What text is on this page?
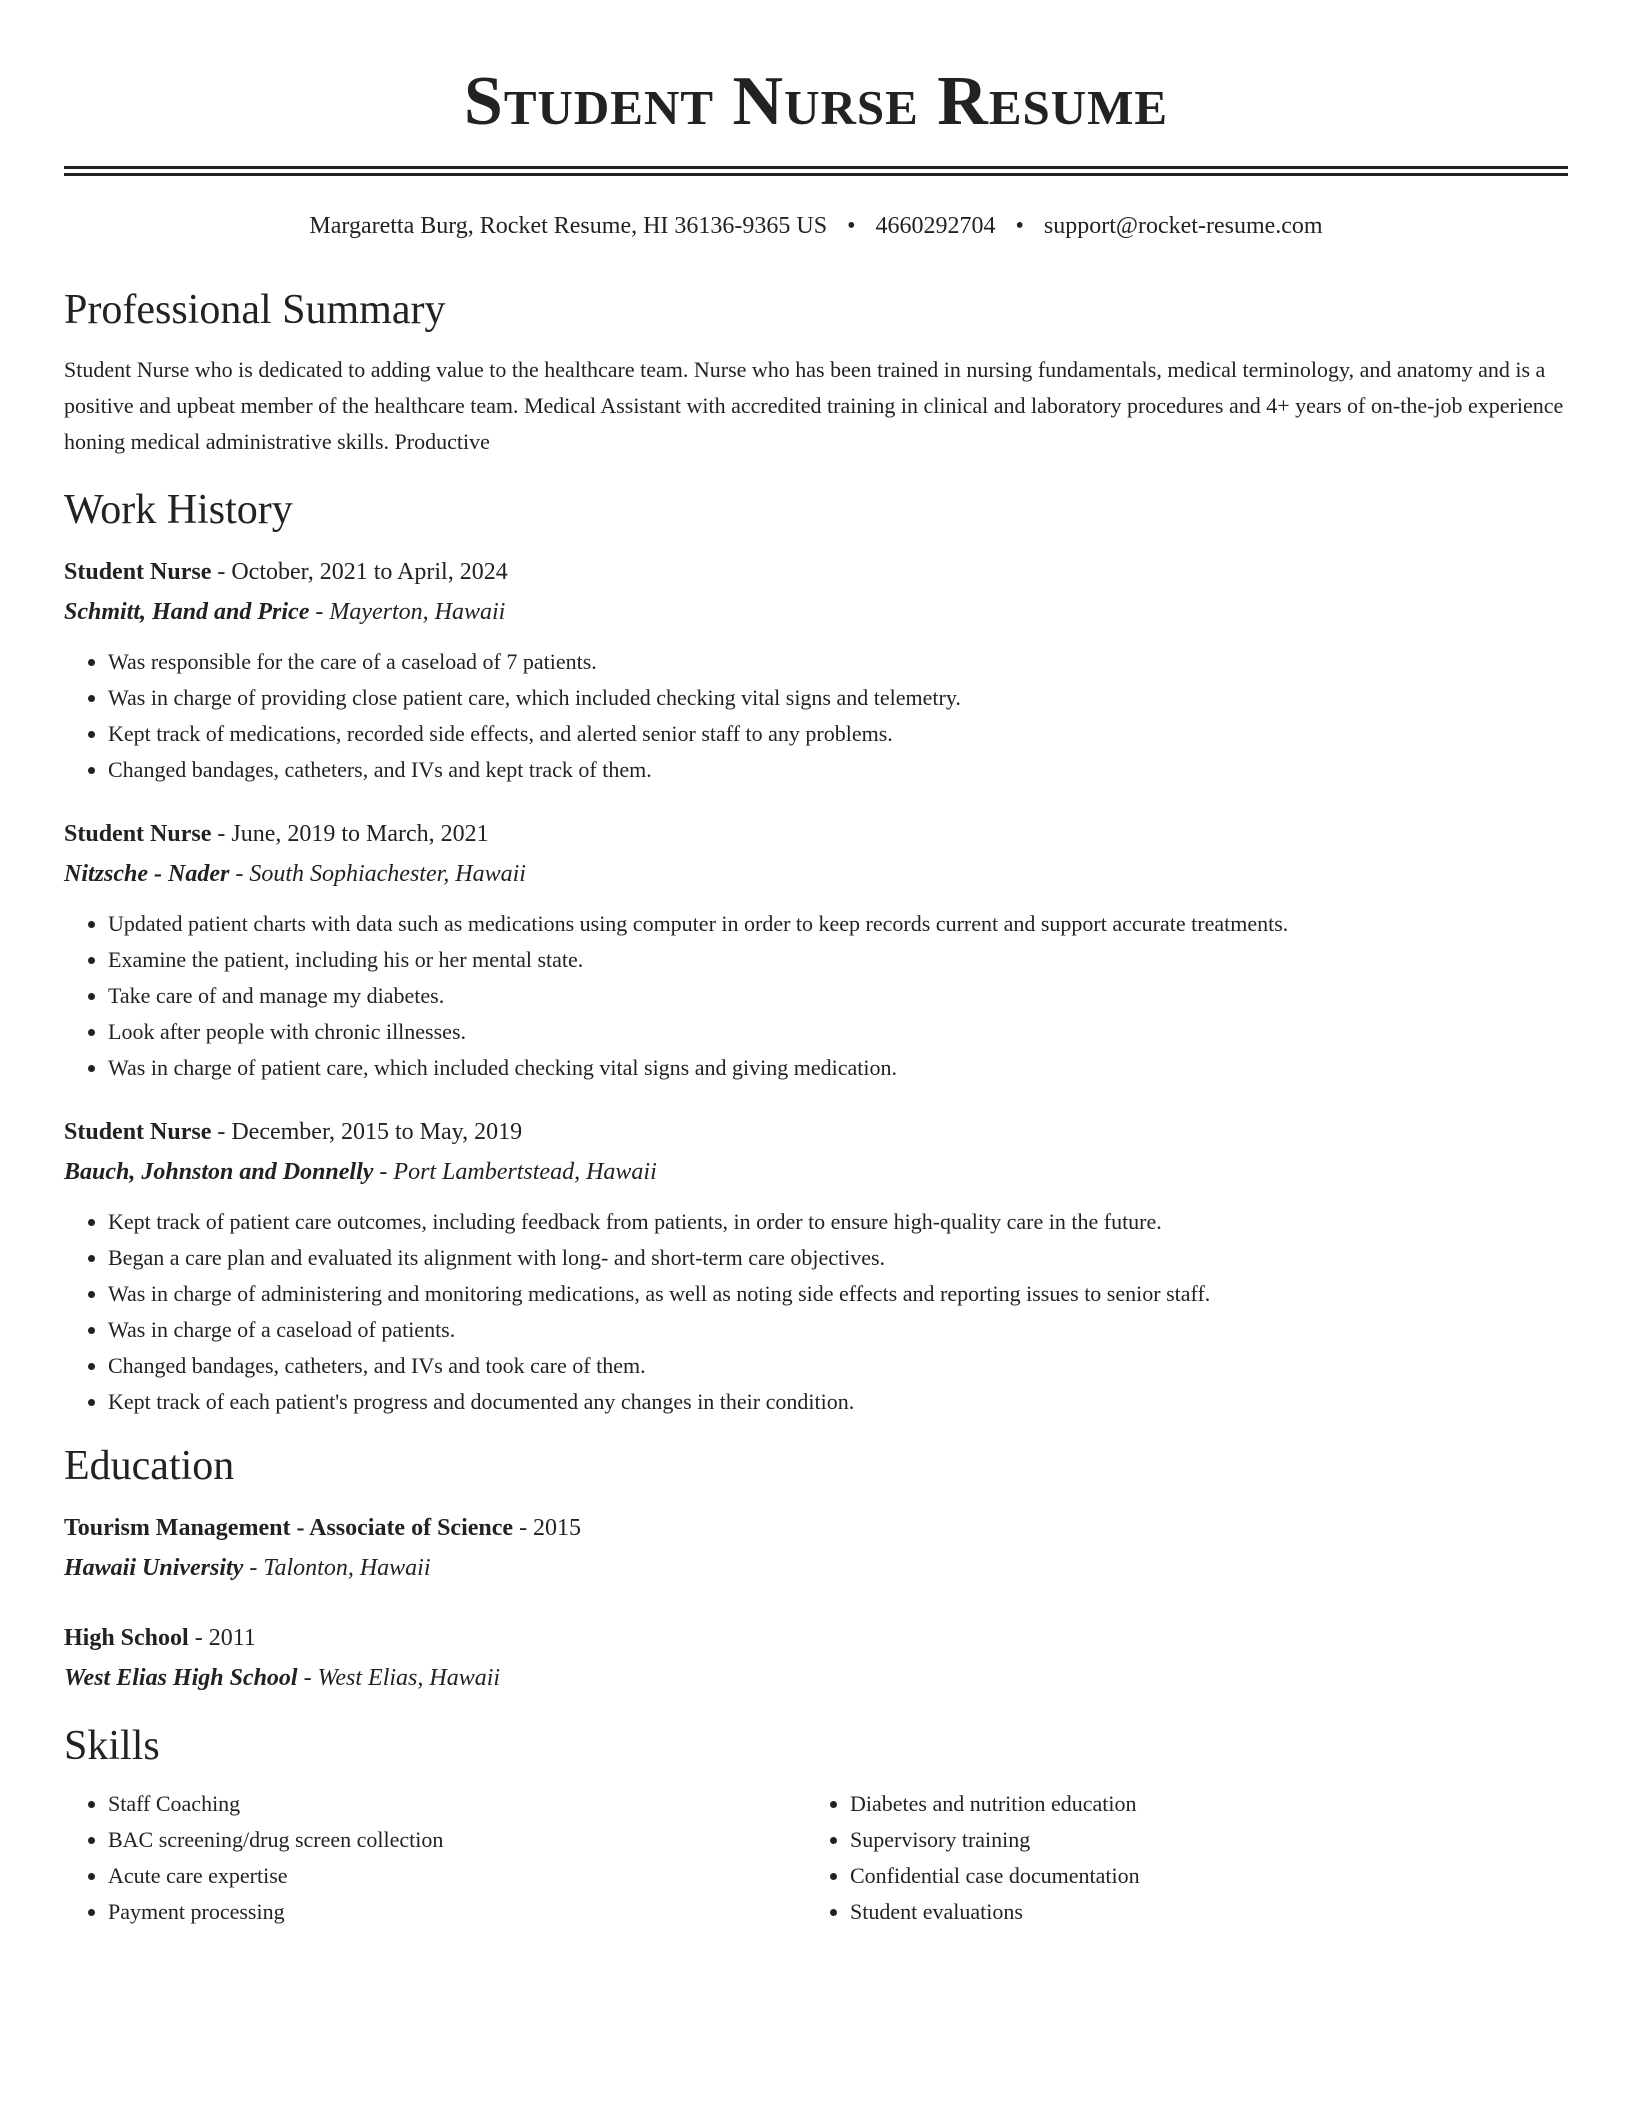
Student Nurse Resume
Margaretta Burg, Rocket Resume, HI 36136-9365 US • 4660292704 • support@rocket-resume.com
Professional Summary

Student Nurse who is dedicated to adding value to the healthcare team. Nurse who has been trained in nursing fundamentals, medical terminology, and anatomy and is a positive and upbeat member of the healthcare team. Medical Assistant with accredited training in clinical and laboratory procedures and 4+ years of on-the-job experience honing medical administrative skills. Productive

Work History
Student Nurse - October, 2021 to April, 2024
Schmitt, Hand and Price - Mayerton, Hawaii
• Was responsible for the care of a caseload of 7 patients.
• Was in charge of providing close patient care, which included checking vital signs and telemetry.
• Kept track of medications, recorded side effects, and alerted senior staff to any problems.
• Changed bandages, catheters, and IVs and kept track of them.
Student Nurse - June, 2019 to March, 2021
Nitzsche - Nader - South Sophiachester, Hawaii
• Updated patient charts with data such as medications using computer in order to keep records current and support accurate treatments.
• Examine the patient, including his or her mental state.
• Take care of and manage my diabetes.
• Look after people with chronic illnesses.
• Was in charge of patient care, which included checking vital signs and giving medication.
Student Nurse - December, 2015 to May, 2019
Bauch, Johnston and Donnelly - Port Lambertstead, Hawaii
• Kept track of patient care outcomes, including feedback from patients, in order to ensure high-quality care in the future.
• Began a care plan and evaluated its alignment with long- and short-term care objectives.
• Was in charge of administering and monitoring medications, as well as noting side effects and reporting issues to senior staff.
• Was in charge of a caseload of patients.
• Changed bandages, catheters, and IVs and took care of them.
• Kept track of each patient's progress and documented any changes in their condition.
Education
Tourism Management - Associate of Science - 2015
Hawaii University - Talonton, Hawaii
High School - 2011
West Elias High School - West Elias, Hawaii
Skills
• Staff Coaching
• BAC screening/drug screen collection
• Acute care expertise
• Payment processing
• Diabetes and nutrition education
• Supervisory training
• Confidential case documentation
• Student evaluations
